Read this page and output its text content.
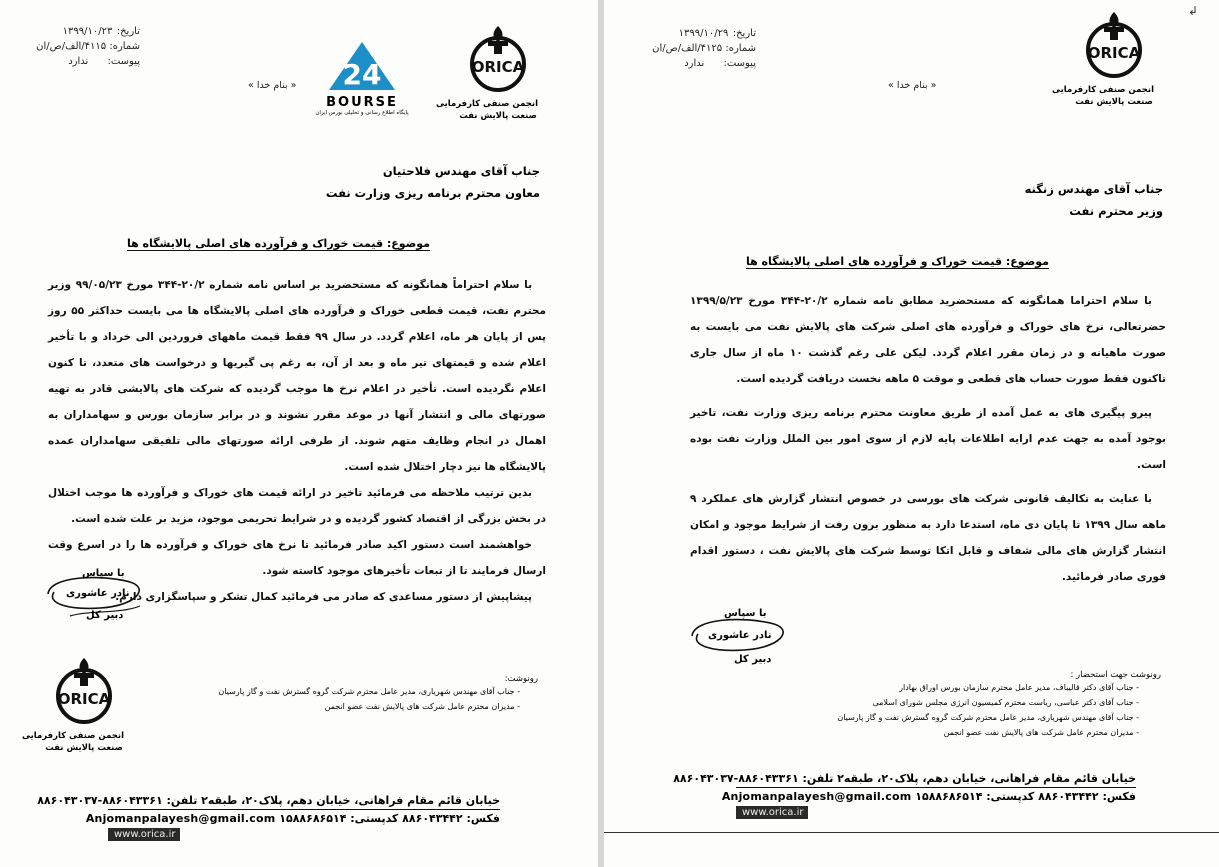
تاریخ: ۱۳۹۹/۱۰/۲۳
شماره: ۴۱۱۵/الف/ص/ان
پیوست: ندارد	24
BOURSE
پایگاه اطلاع رسانی و تحلیلی بورس ایران
« بنام خدا »
ORICA
انجمن صنفی کارفرمایی
صنعت پالایش نفت
جناب آقای مهندس فلاحتیان
معاون محترم برنامه ریزی وزارت نفت
موضوع: قیمت خوراک و فرآورده های اصلی پالایشگاه ها

با سلام احتراماً همانگونه که مستحضرید بر اساس نامه شماره ۲۰/۲-۳۴۴ مورخ ۹۹/۰۵/۲۳ وزیر محترم نفت، قیمت قطعی خوراک و فرآورده های اصلی پالایشگاه ها می بایست حداکثر ۵۵ روز پس از پایان هر ماه، اعلام گردد. در سال ۹۹ فقط قیمت ماههای فروردین الی خرداد و با تأخیر اعلام شده و قیمتهای تیر ماه و بعد از آن، به رغم پی گیریها و درخواست های متعدد، تا کنون اعلام نگردیده است. تأخیر در اعلام نرخ ها موجب گردیده که شرکت های پالایشی قادر به تهیه صورتهای مالی و انتشار آنها در موعد مقرر نشوند و در برابر سازمان بورس و سهامداران به اهمال در انجام وظایف متهم شوند. از طرفی ارائه صورتهای مالی تلفیقی سهامداران عمده پالایشگاه ها نیز دچار اختلال شده است.

بدین ترتیب ملاحظه می فرمائید تاخیر در ارائه قیمت های خوراک و فرآورده ها موجب اختلال در بخش بزرگی از اقتصاد کشور گردیده و در شرایط تحریمی موجود، مزید بر علت شده است.

خواهشمند است دستور اکید صادر فرمائید تا نرخ های خوراک و فرآورده ها را در اسرع وقت ارسال فرمایند تا از تبعات تأخیرهای موجود کاسته شود.

پیشاپیش از دستور مساعدی که صادر می فرمائید کمال تشکر و سپاسگزاری دارم.

با سپاس
نادر عاشوری
دبیر کل
ORICA
انجمن صنفی کارفرمایی
صنعت پالایش نفت
رونوشت:
- جناب آقای مهندس شهریاری، مدیر عامل محترم شرکت گروه گسترش نفت و گاز پارسیان
- مدیران محترم عامل شرکت های پالایش نفت عضو انجمن
خیابان قائم مقام فراهانی، خیابان دهم، پلاک۲۰، طبقه۲ تلفن: ۸۸۶۰۴۳۳۶۱-۸۸۶۰۴۳۰۳۷
فکس: ۸۸۶۰۴۳۴۴۲ کدپستی: ۱۵۸۸۶۸۶۵۱۴ Anjomanpalayesh@gmail.com
www.orica.ir
↲
تاریخ: ۱۳۹۹/۱۰/۲۹
شماره: ۴۱۲۵/الف/ص/ان
پیوست: ندارد
« بنام خدا »
ORICA
انجمن صنفی کارفرمایی
صنعت پالایش نفت
جناب آقای مهندس زنگنه
وزیر محترم نفت
موضوع: قیمت خوراک و فرآورده های اصلی پالایشگاه ها

با سلام احتراما همانگونه که مستحضرید مطابق نامه شماره ۲۰/۲-۳۴۴ مورخ ۱۳۹۹/۵/۲۳ حضرتعالی، نرخ های خوراک و فرآورده های اصلی شرکت های پالایش نفت می بایست به صورت ماهیانه و در زمان مقرر اعلام گردد. لیکن علی رغم گذشت ۱۰ ماه از سال جاری تاکنون فقط صورت حساب های قطعی و موقت ۵ ماهه نخست دریافت گردیده است.

پیرو پیگیری های به عمل آمده از طریق معاونت محترم برنامه ریزی وزارت نفت، تاخیر بوجود آمده به جهت عدم ارایه اطلاعات پایه لازم از سوی امور بین الملل وزارت نفت بوده است.

با عنایت به تکالیف قانونی شرکت های بورسی در خصوص انتشار گزارش های عملکرد ۹ ماهه سال ۱۳۹۹ تا پایان دی ماه، استدعا دارد به منظور برون رفت از شرایط موجود و امکان انتشار گزارش های مالی شفاف و قابل اتکا توسط شرکت های پالایش نفت ، دستور اقدام فوری صادر فرمائید.

با سپاس
نادر عاشوری
دبیر کل
رونوشت جهت استحضار :
- جناب آقای دکتر قالیباف، مدیر عامل محترم سازمان بورس اوراق بهادار
- جناب آقای دکتر عباسی، ریاست محترم کمیسیون انرژی مجلس شورای اسلامی
- جناب آقای مهندس شهریاری، مدیر عامل محترم شرکت گروه گسترش نفت و گاز پارسیان
- مدیران محترم عامل شرکت های پالایش نفت عضو انجمن
خیابان قائم مقام فراهانی، خیابان دهم، پلاک۲۰، طبقه۲ تلفن: ۸۸۶۰۴۳۳۶۱-۸۸۶۰۴۳۰۳۷
فکس: ۸۸۶۰۴۳۴۴۲ کدپستی: ۱۵۸۸۶۸۶۵۱۴ Anjomanpalayesh@gmail.com
www.orica.ir
